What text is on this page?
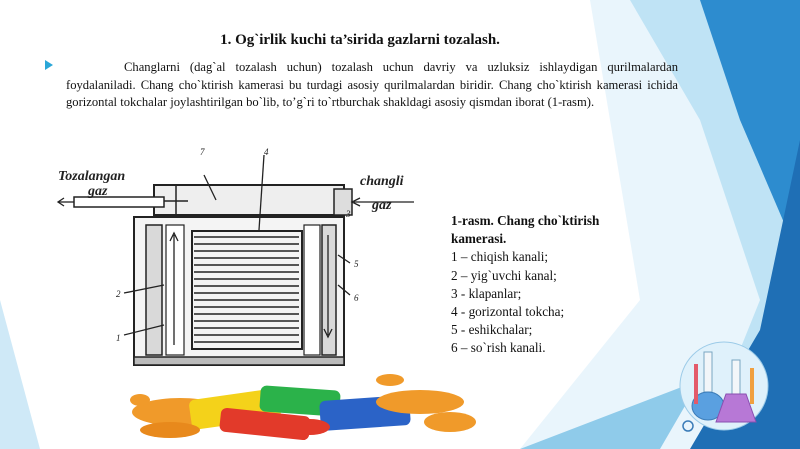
1. Og`irlik kuchi ta’sirida gazlarni tozalash.
Changlarni (dag`al tozalash uchun) tozalash uchun davriy va uzluksiz ishlaydigan qurilmalardan foydalaniladi. Chang cho`ktirish kamerasi bu turdagi asosiy qurilmalardan biridir. Chang cho`ktirish kamerasi ichida gorizontal tokchalar joylashtirilgan bo`lib, to’g`ri to`rtburchak shakldagi asosiy qismdan iborat (1-rasm).
Tozalangan
gaz
changli
gaz
1
2
3
4
5
6
7
1-rasm. Chang cho`ktirish
kamerasi.
1 – chiqish kanali;
2 – yig`uvchi kanal;
3 - klapanlar;
4 - gorizontal tokcha;
5 - eshikchalar;
6 – so`rish kanali.
